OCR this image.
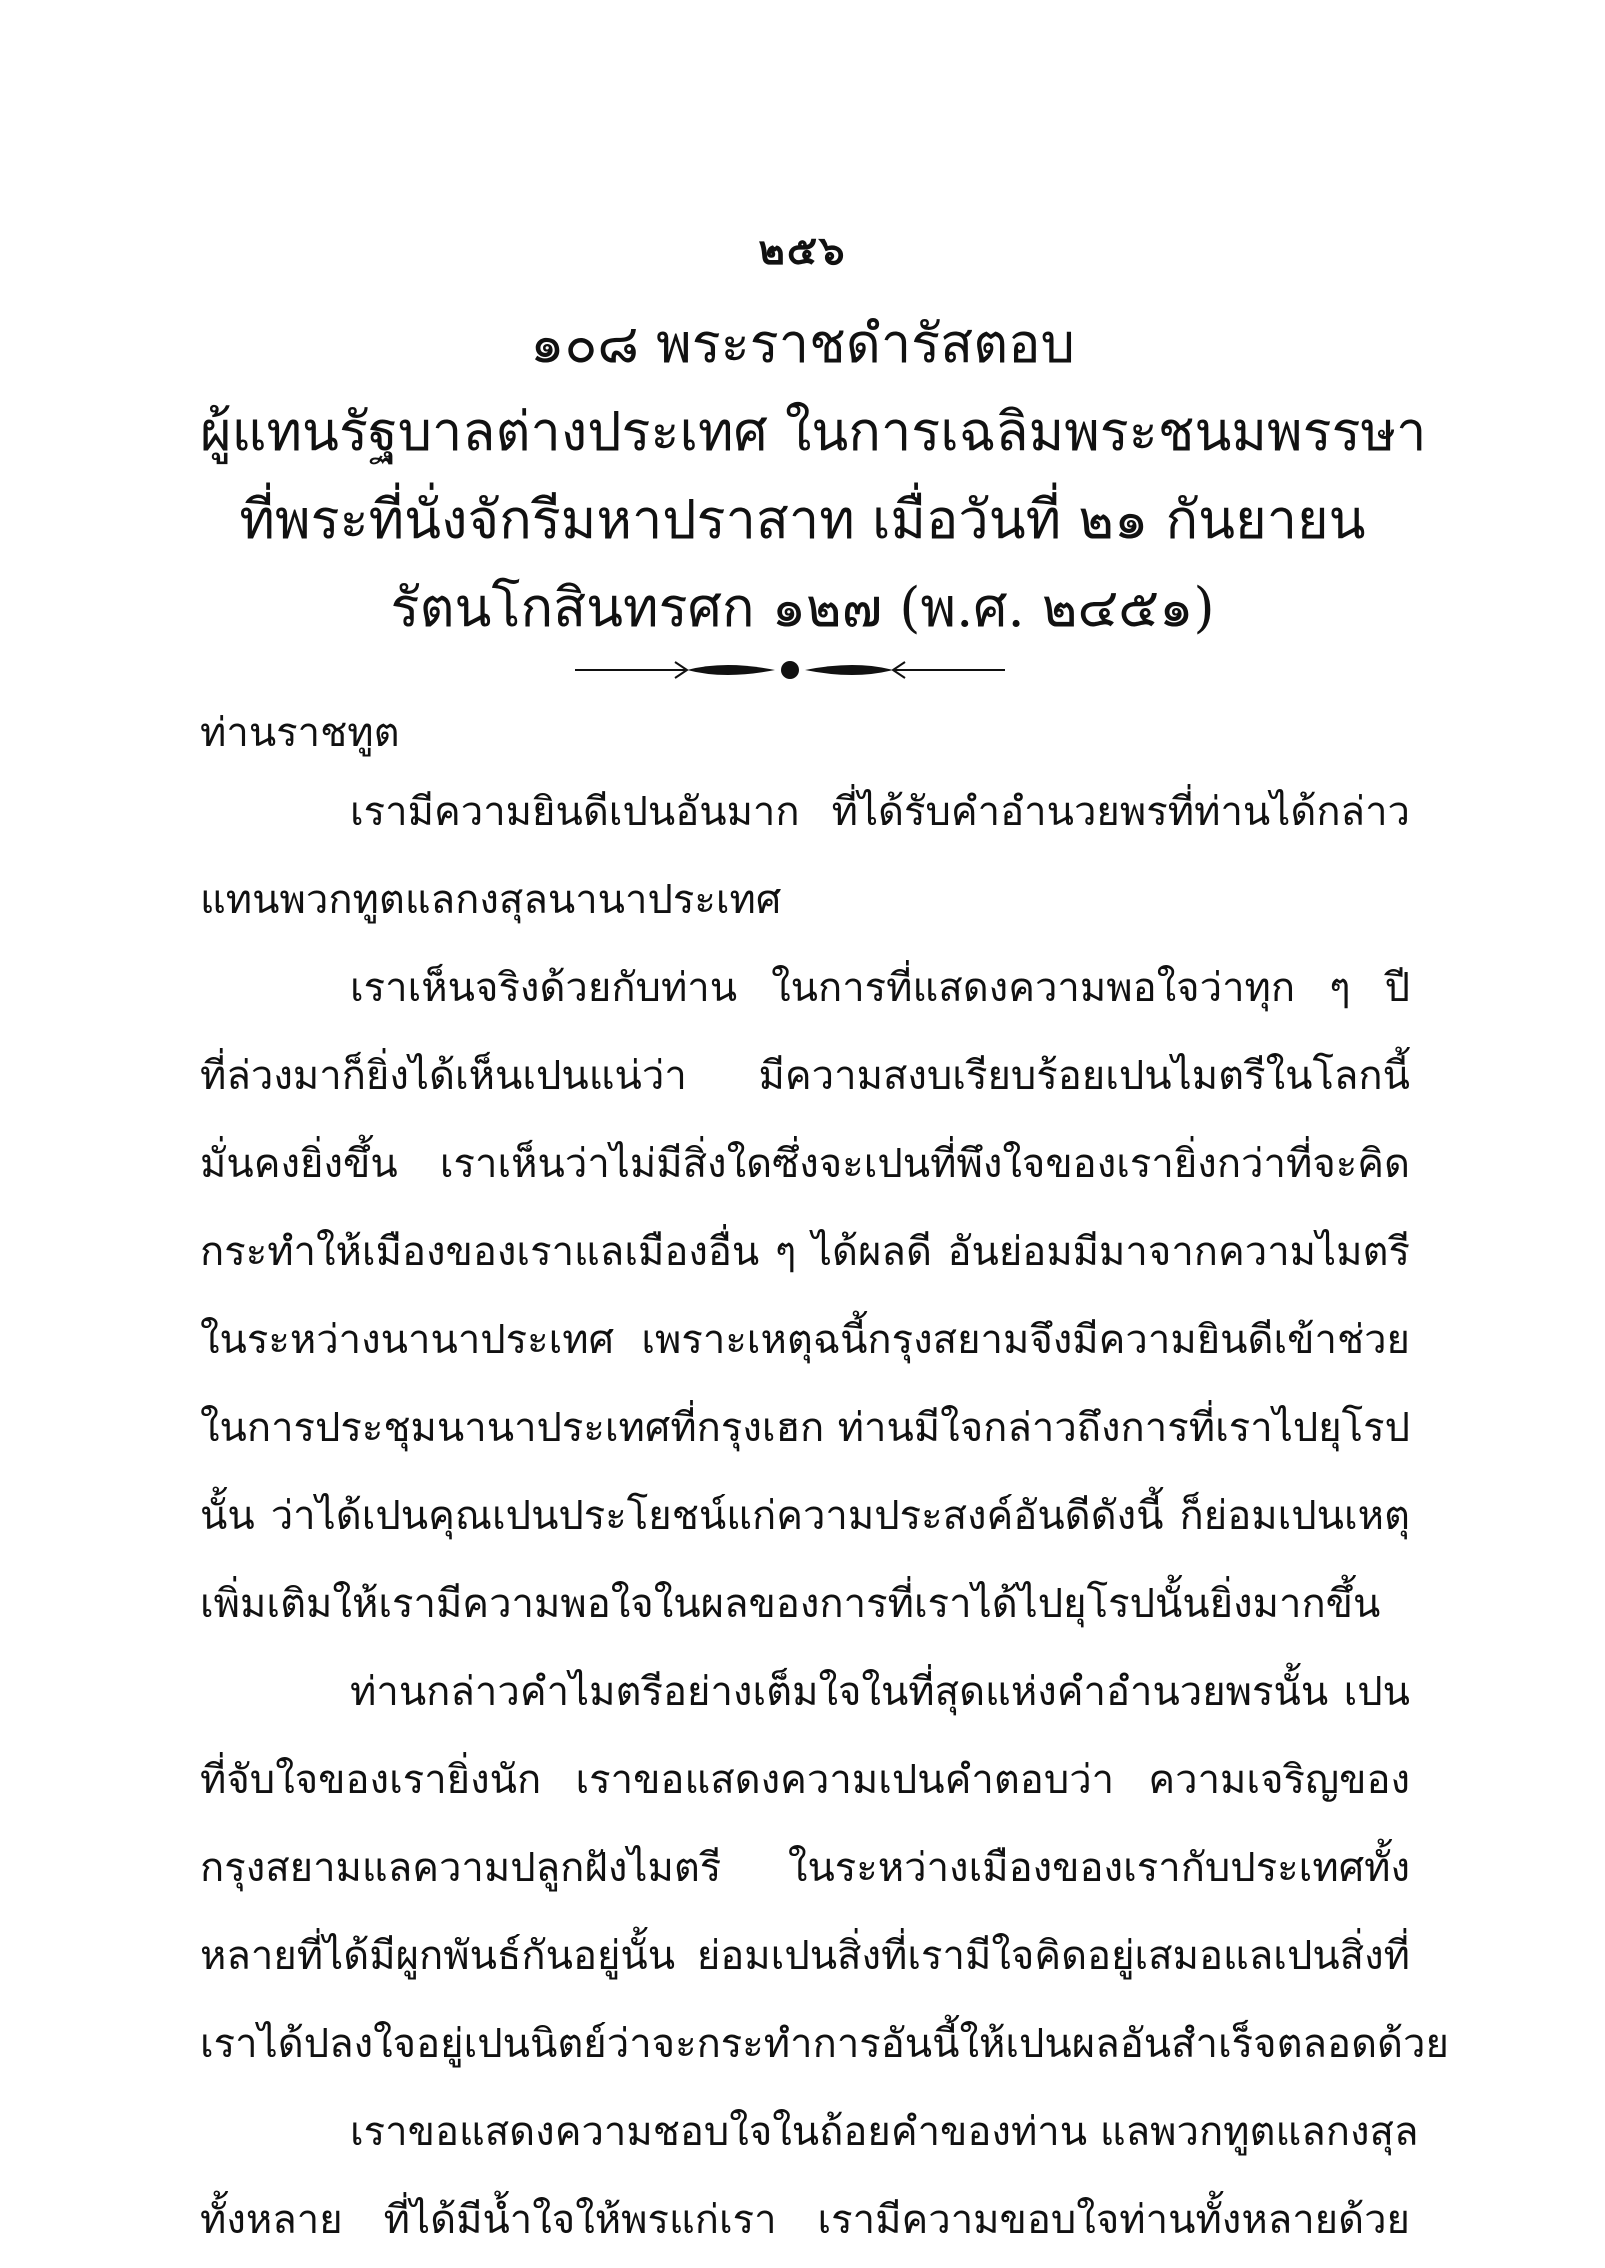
๒๕๖
๑๐๘ พระราชดำรัสตอบ
ผู้แทนรัฐบาลต่างประเทศ ในการเฉลิมพระชนมพรรษา
ที่พระที่นั่งจักรีมหาปราสาท เมื่อวันที่ ๒๑ กันยายน
รัตนโกสินทรศก ๑๒๗ (พ.ศ. ๒๔๕๑)
ท่านราชทูต
เรามีความยินดีเปนอันมาก ที่ได้รับคำอำนวยพรที่ท่านได้กล่าว
แทนพวกทูตแลกงสุลนานาประเทศ
เราเห็นจริงด้วยกับท่าน ในการที่แสดงความพอใจว่าทุก ๆ ปี
ที่ล่วงมาก็ยิ่งได้เห็นเปนแน่ว่า มีความสงบเรียบร้อยเปนไมตรีในโลกนี้
มั่นคงยิ่งขึ้น เราเห็นว่าไม่มีสิ่งใดซึ่งจะเปนที่พึงใจของเรายิ่งกว่าที่จะคิด
กระทำให้เมืองของเราแลเมืองอื่น ๆ ได้ผลดี อันย่อมมีมาจากความไมตรี
ในระหว่างนานาประเทศ เพราะเหตุฉนี้กรุงสยามจึงมีความยินดีเข้าช่วย
ในการประชุมนานาประเทศที่กรุงเฮก ท่านมีใจกล่าวถึงการที่เราไปยุโรป
นั้น ว่าได้เปนคุณเปนประโยชน์แก่ความประสงค์อันดีดังนี้ ก็ย่อมเปนเหตุ
เพิ่มเติมให้เรามีความพอใจในผลของการที่เราได้ไปยุโรปนั้นยิ่งมากขึ้น
ท่านกล่าวคำไมตรีอย่างเต็มใจในที่สุดแห่งคำอำนวยพรนั้น เปน
ที่จับใจของเรายิ่งนัก เราขอแสดงความเปนคำตอบว่า ความเจริญของ
กรุงสยามแลความปลูกฝังไมตรี ในระหว่างเมืองของเรากับประเทศทั้ง
หลายที่ได้มีผูกพันธ์กันอยู่นั้น ย่อมเปนสิ่งที่เรามีใจคิดอยู่เสมอแลเปนสิ่งที่
เราได้ปลงใจอยู่เปนนิตย์ว่าจะกระทำการอันนี้ให้เปนผลอันสำเร็จตลอดด้วย
เราขอแสดงความชอบใจในถ้อยคำของท่าน แลพวกทูตแลกงสุล
ทั้งหลาย ที่ได้มีน้ำใจให้พรแก่เรา เรามีความขอบใจท่านทั้งหลายด้วย
